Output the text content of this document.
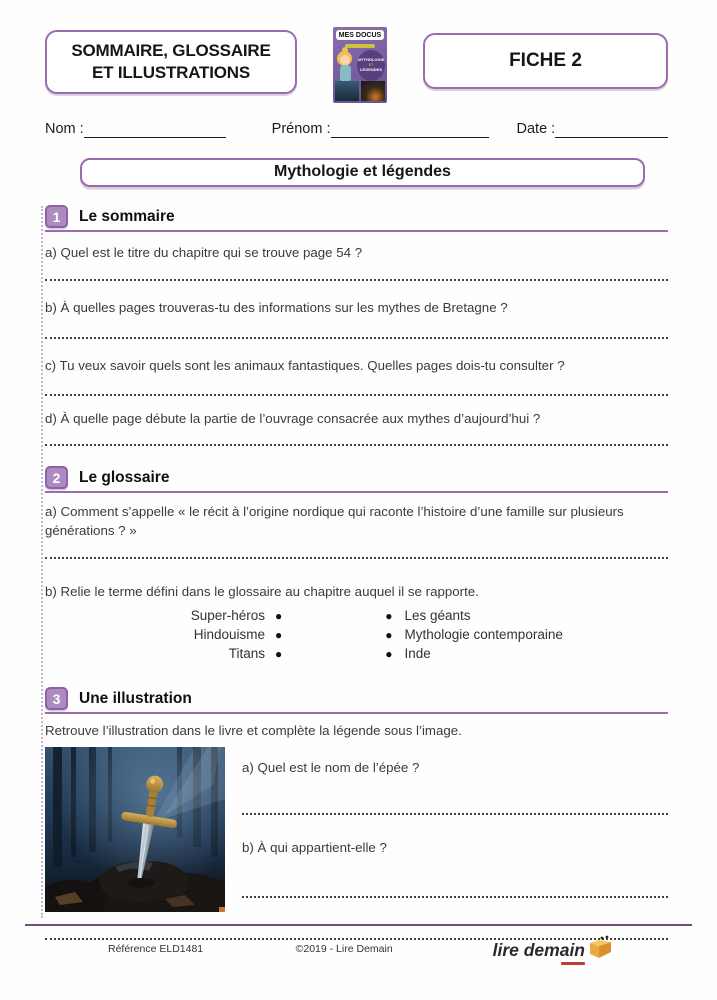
SOMMAIRE, GLOSSAIRE
ET ILLUSTRATIONS
MES DOCUS
MYTHOLOGIE
ET
LÉGENDES	FICHE 2
Nom :	Prénom :	Date :
Mythologie et légendes
1	Le sommaire

a) Quel est le titre du chapitre qui se trouve page 54 ?

b) À quelles pages trouveras-tu des informations sur les mythes de Bretagne ?

c) Tu veux savoir quels sont les animaux fantastiques. Quelles pages dois-tu consulter ?

d) À quelle page débute la partie de l’ouvrage consacrée aux mythes d’aujourd’hui ?

2	Le glossaire

a) Comment s’appelle « le récit à l’origine nordique qui raconte l’histoire d’une famille sur plusieurs générations ? »

b) Relie le terme défini dans le glossaire au chapitre auquel il se rapporte.

Super-héros ●	● Les géants
Hindouisme ●	● Mythologie contemporaine
Titans ●	● Inde
3	Une illustration

Retrouve l’illustration dans le livre et complète la légende sous l’image.

a) Quel est le nom de l’épée ?

b) À qui appartient-elle ?

Référence ELD1481	©2019 - Lire Demain	lire demain
